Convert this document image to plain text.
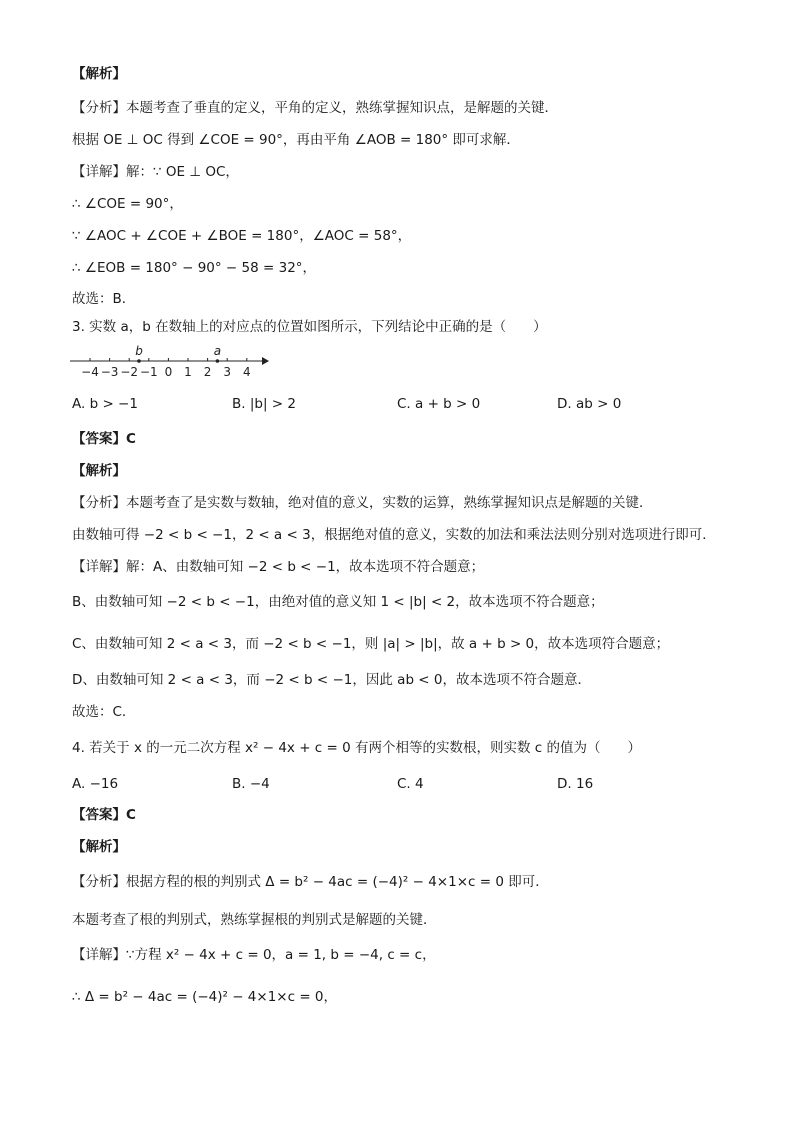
【解析】
【分析】本题考查了垂直的定义，平角的定义，熟练掌握知识点，是解题的关键．
根据 OE ⊥ OC 得到 ∠COE = 90°，再由平角 ∠AOB = 180° 即可求解．
【详解】解：∵ OE ⊥ OC，
∴ ∠COE = 90°，
∵ ∠AOC + ∠COE + ∠BOE = 180°，∠AOC = 58°，
∴ ∠EOB = 180° − 90° − 58 = 32°，
故选：B．
3. 实数 a，b 在数轴上的对应点的位置如图所示，下列结论中正确的是（　　）
−4 −3 −2 −1 0 1 2 3 4
b	a
A. b > −1	B. |b| > 2	C. a + b > 0	D. ab > 0
【答案】C
【解析】
【分析】本题考查了是实数与数轴，绝对值的意义，实数的运算，熟练掌握知识点是解题的关键．
由数轴可得 −2 < b < −1，2 < a < 3，根据绝对值的意义，实数的加法和乘法法则分别对选项进行即可．
【详解】解：A、由数轴可知 −2 < b < −1，故本选项不符合题意；
B、由数轴可知 −2 < b < −1，由绝对值的意义知 1 < |b| < 2，故本选项不符合题意；
C、由数轴可知 2 < a < 3，而 −2 < b < −1，则 |a| > |b|，故 a + b > 0，故本选项符合题意；
D、由数轴可知 2 < a < 3，而 −2 < b < −1，因此 ab < 0，故本选项不符合题意．
故选：C．
4. 若关于 x 的一元二次方程 x² − 4x + c = 0 有两个相等的实数根，则实数 c 的值为（　　）
A. −16	B. −4	C. 4	D. 16
【答案】C
【解析】
【分析】根据方程的根的判别式 Δ = b² − 4ac = (−4)² − 4×1×c = 0 即可．
本题考查了根的判别式，熟练掌握根的判别式是解题的关键．
【详解】∵方程 x² − 4x + c = 0，a = 1, b = −4, c = c，
∴ Δ = b² − 4ac = (−4)² − 4×1×c = 0，
